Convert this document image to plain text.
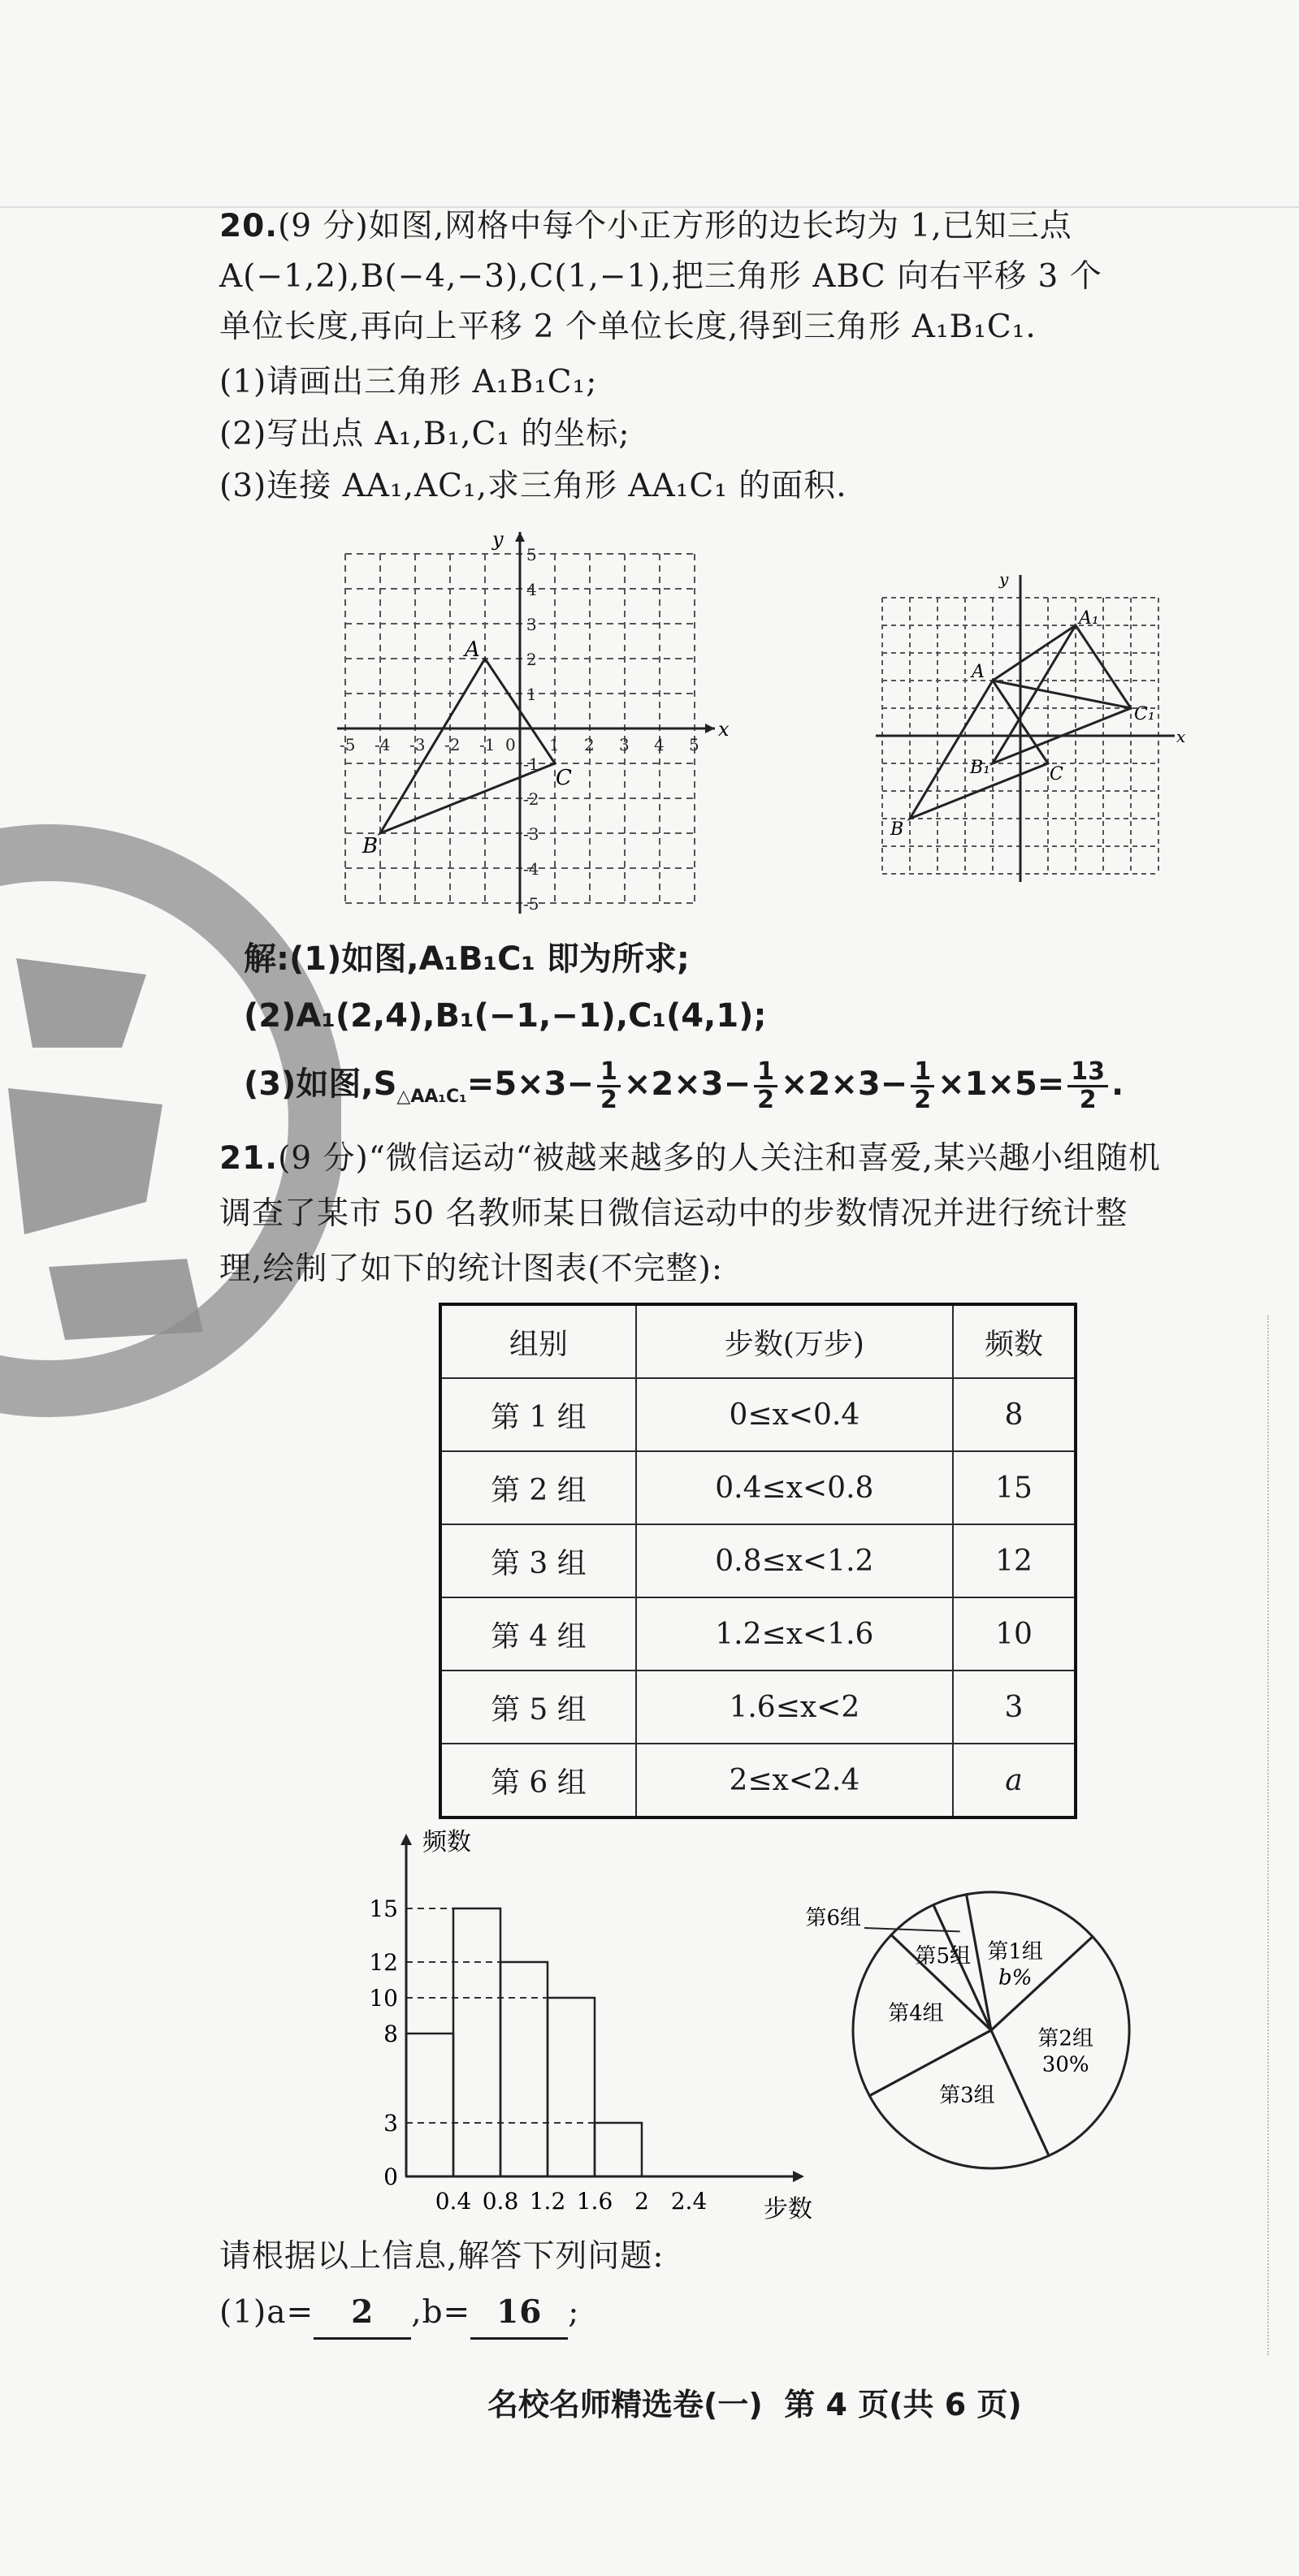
20.(9 分)如图,网格中每个小正方形的边长均为 1,已知三点
A(−1,2),B(−4,−3),C(1,−1),把三角形 ABC 向右平移 3 个
单位长度,再向上平移 2 个单位长度,得到三角形 A₁B₁C₁.
(1)请画出三角形 A₁B₁C₁;
(2)写出点 A₁,B₁,C₁ 的坐标;
(3)连接 AA₁,AC₁,求三角形 AA₁C₁ 的面积.
x
y
-5 -4 -3 -2 -1 0 1 2 3 4 5
5
4
3
2
1
-1
-2
-3
-4
-5
A
B
C
x
y
A
B
C
A₁
B₁
C₁
解:(1)如图,A₁B₁C₁ 即为所求;
(2)A₁(2,4),B₁(−1,−1),C₁(4,1);
(3)如图$,S_{\triangle AA_1C_1}=5\times 3- \frac{1}{2} \times 2\times 3- \frac{1}{2} \times 2\times 3- \frac{1}{2} \times 1\times 5= \frac{13}{2}$ .
21.(9 分)“微信运动“被越来越多的人关注和喜爱,某兴趣小组随机
调查了某市 50 名教师某日微信运动中的步数情况并进行统计整
理,绘制了如下的统计图表(不完整):
组别	步数(万步)	频数
第 1 组	0≤x<0.4	8
第 2 组	0.4≤x<0.8	15
第 3 组	0.8≤x<1.2	12
第 4 组	1.2≤x<1.6	10
第 5 组	1.6≤x<2	3
第 6 组	2≤x<2.4	a
频数
步数
0
3
8
10
12
15
0.4 0.8 1.2 1.6 2 2.4
第1组
b%
第2组
30%
第3组
第4组
第5组
第6组
请根据以上信息,解答下列问题:
(1)a= 2 ,b= 16 ;
名校名师精选卷(一) 第 4 页(共 6 页)
